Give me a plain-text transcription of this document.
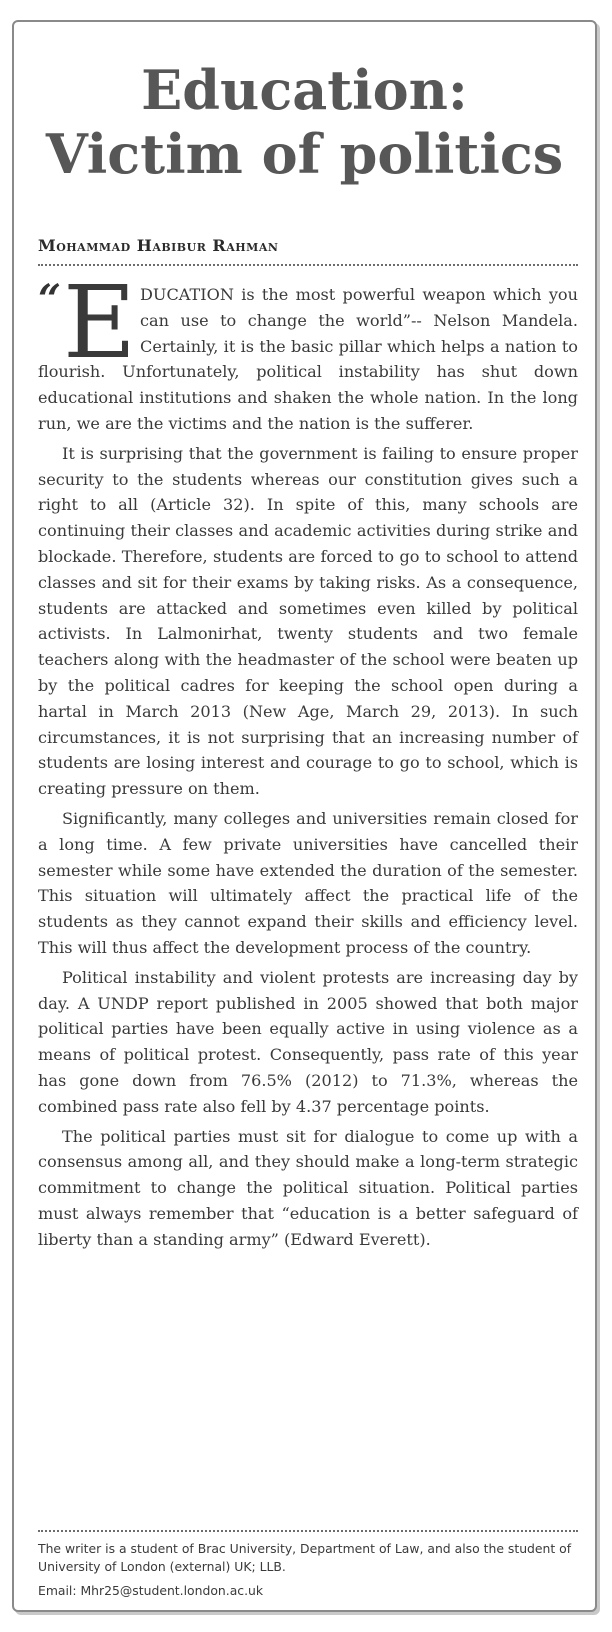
Education:
Victim of politics

Mohammad Habibur Rahman

“ E DUCATION is the most powerful weapon which you can use to change the world”-- Nelson Mandela. Certainly, it is the basic pillar which helps a nation to flourish. Unfortunately, political instability has shut down educational institutions and shaken the whole nation. In the long run, we are the victims and the nation is the sufferer.

It is surprising that the government is failing to ensure proper security to the students whereas our constitution gives such a right to all (Article 32). In spite of this, many schools are continuing their classes and academic activities during strike and blockade. Therefore, students are forced to go to school to attend classes and sit for their exams by taking risks. As a consequence, students are attacked and sometimes even killed by political activists. In Lalmonirhat, twenty students and two female teachers along with the headmaster of the school were beaten up by the political cadres for keeping the school open during a hartal in March 2013 (New Age, March 29, 2013). In such circumstances, it is not surprising that an increasing number of students are losing interest and courage to go to school, which is creating pressure on them.

Significantly, many colleges and universities remain closed for a long time. A few private universities have cancelled their semester while some have extended the duration of the semester. This situation will ultimately affect the practical life of the students as they cannot expand their skills and efficiency level. This will thus affect the development process of the country.

Political instability and violent protests are increasing day by day. A UNDP report published in 2005 showed that both major political parties have been equally active in using violence as a means of political protest. Consequently, pass rate of this year has gone down from 76.5% (2012) to 71.3%, whereas the combined pass rate also fell by 4.37 percentage points.

The political parties must sit for dialogue to come up with a consensus among all, and they should make a long-term strategic commitment to change the political situation. Political parties must always remember that “education is a better safeguard of liberty than a standing army” (Edward Everett).

The writer is a student of Brac University, Department of Law, and also the student of University of London (external) UK; LLB.

Email: Mhr25@student.london.ac.uk
